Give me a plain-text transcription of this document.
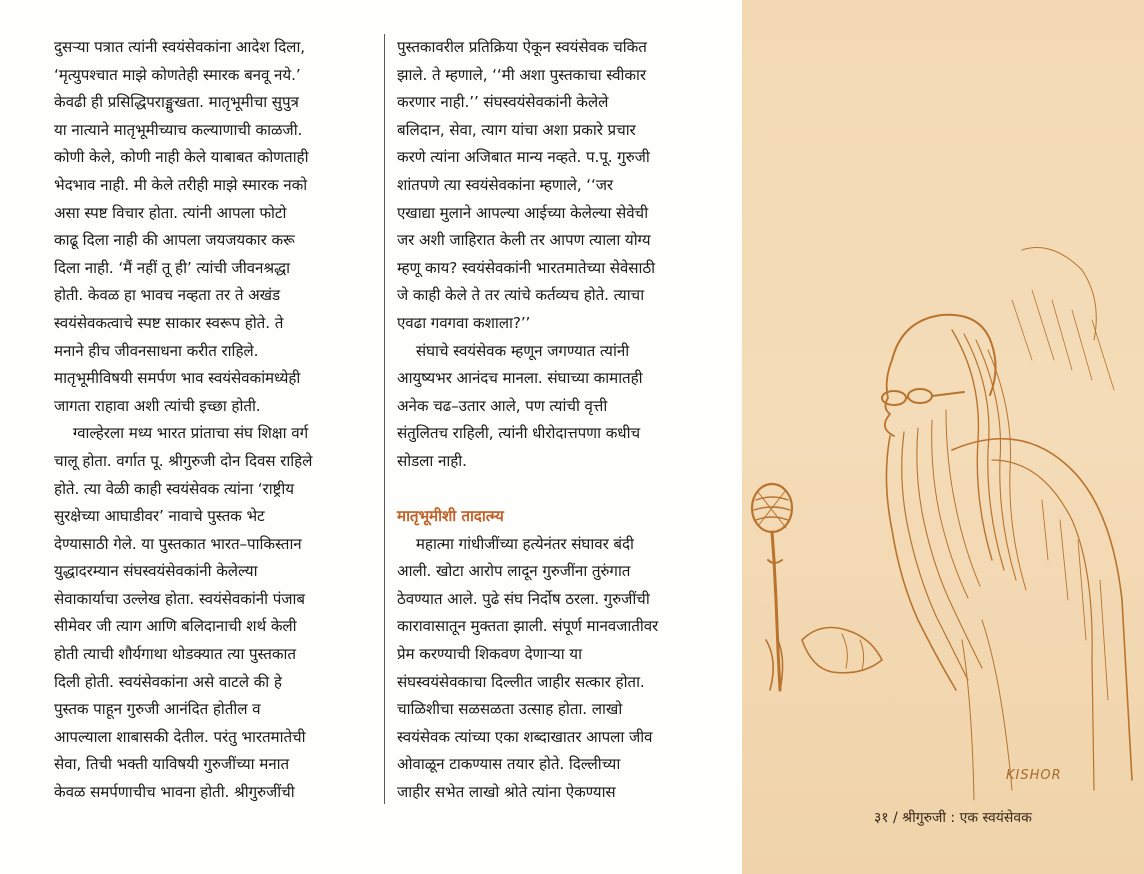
दुसऱ्या पत्रात त्यांनी स्वयंसेवकांना आदेश दिला,

‘मृत्युपश्चात माझे कोणतेही स्मारक बनवू नये.’

केवढी ही प्रसिद्धिपराङ्मुखता. मातृभूमीचा सुपुत्र

या नात्याने मातृभूमीच्याच कल्याणाची काळजी.

कोणी केले, कोणी नाही केले याबाबत कोणताही

भेदभाव नाही. मी केले तरीही माझे स्मारक नको

असा स्पष्ट विचार होता. त्यांनी आपला फोटो

काढू दिला नाही की आपला जयजयकार करू

दिला नाही. ‘मैं नहीं तू ही’ त्यांची जीवनश्रद्धा

होती. केवळ हा भावच नव्हता तर ते अखंड

स्वयंसेवकत्वाचे स्पष्ट साकार स्वरूप होते. ते

मनाने हीच जीवनसाधना करीत राहिले.

मातृभूमीविषयी समर्पण भाव स्वयंसेवकांमध्येही

जागता राहावा अशी त्यांची इच्छा होती.

ग्वाल्हेरला मध्य भारत प्रांताचा संघ शिक्षा वर्ग

चालू होता. वर्गात पू. श्रीगुरुजी दोन दिवस राहिले

होते. त्या वेळी काही स्वयंसेवक त्यांना ‘राष्ट्रीय

सुरक्षेच्या आघाडीवर’ नावाचे पुस्तक भेट

देण्यासाठी गेले. या पुस्तकात भारत–पाकिस्तान

युद्धादरम्यान संघस्वयंसेवकांनी केलेल्या

सेवाकार्याचा उल्लेख होता. स्वयंसेवकांनी पंजाब

सीमेवर जी त्याग आणि बलिदानाची शर्थ केली

होती त्याची शौर्यगाथा थोडक्यात त्या पुस्तकात

दिली होती. स्वयंसेवकांना असे वाटले की हे

पुस्तक पाहून गुरुजी आनंदित होतील व

आपल्याला शाबासकी देतील. परंतु भारतमातेची

सेवा, तिची भक्ती याविषयी गुरुजींच्या मनात

केवळ समर्पणाचीच भावना होती. श्रीगुरुजींची

पुस्तकावरील प्रतिक्रिया ऐकून स्वयंसेवक चकित

झाले. ते म्हणाले, ‘‘मी अशा पुस्तकाचा स्वीकार

करणार नाही.’’ संघस्वयंसेवकांनी केलेले

बलिदान, सेवा, त्याग यांचा अशा प्रकारे प्रचार

करणे त्यांना अजिबात मान्य नव्हते. प.पू. गुरुजी

शांतपणे त्या स्वयंसेवकांना म्हणाले, ‘‘जर

एखाद्या मुलाने आपल्या आईच्या केलेल्या सेवेची

जर अशी जाहिरात केली तर आपण त्याला योग्य

म्हणू काय? स्वयंसेवकांनी भारतमातेच्या सेवेसाठी

जे काही केले ते तर त्यांचे कर्तव्यच होते. त्याचा

एवढा गवगवा कशाला?’’

संघाचे स्वयंसेवक म्हणून जगण्यात त्यांनी

आयुष्यभर आनंदच मानला. संघाच्या कामातही

अनेक चढ–उतार आले, पण त्यांची वृत्ती

संतुलितच राहिली, त्यांनी धीरोदात्तपणा कधीच

सोडला नाही.

मातृभूमीशी तादात्म्य

महात्मा गांधीजींच्या हत्येनंतर संघावर बंदी

आली. खोटा आरोप लादून गुरुजींना तुरुंगात

ठेवण्यात आले. पुढे संघ निर्दोष ठरला. गुरुजींची

कारावासातून मुक्तता झाली. संपूर्ण मानवजातीवर

प्रेम करण्याची शिकवण देणाऱ्या या

संघस्वयंसेवकाचा दिल्लीत जाहीर सत्कार होता.

चाळिशीचा सळसळता उत्साह होता. लाखो

स्वयंसेवक त्यांच्या एका शब्दाखातर आपला जीव

ओवाळून टाकण्यास तयार होते. दिल्लीच्या

जाहीर सभेत लाखो श्रोते त्यांना ऐकण्यास

KISHOR
३१ / श्रीगुरुजी : एक स्वयंसेवक
